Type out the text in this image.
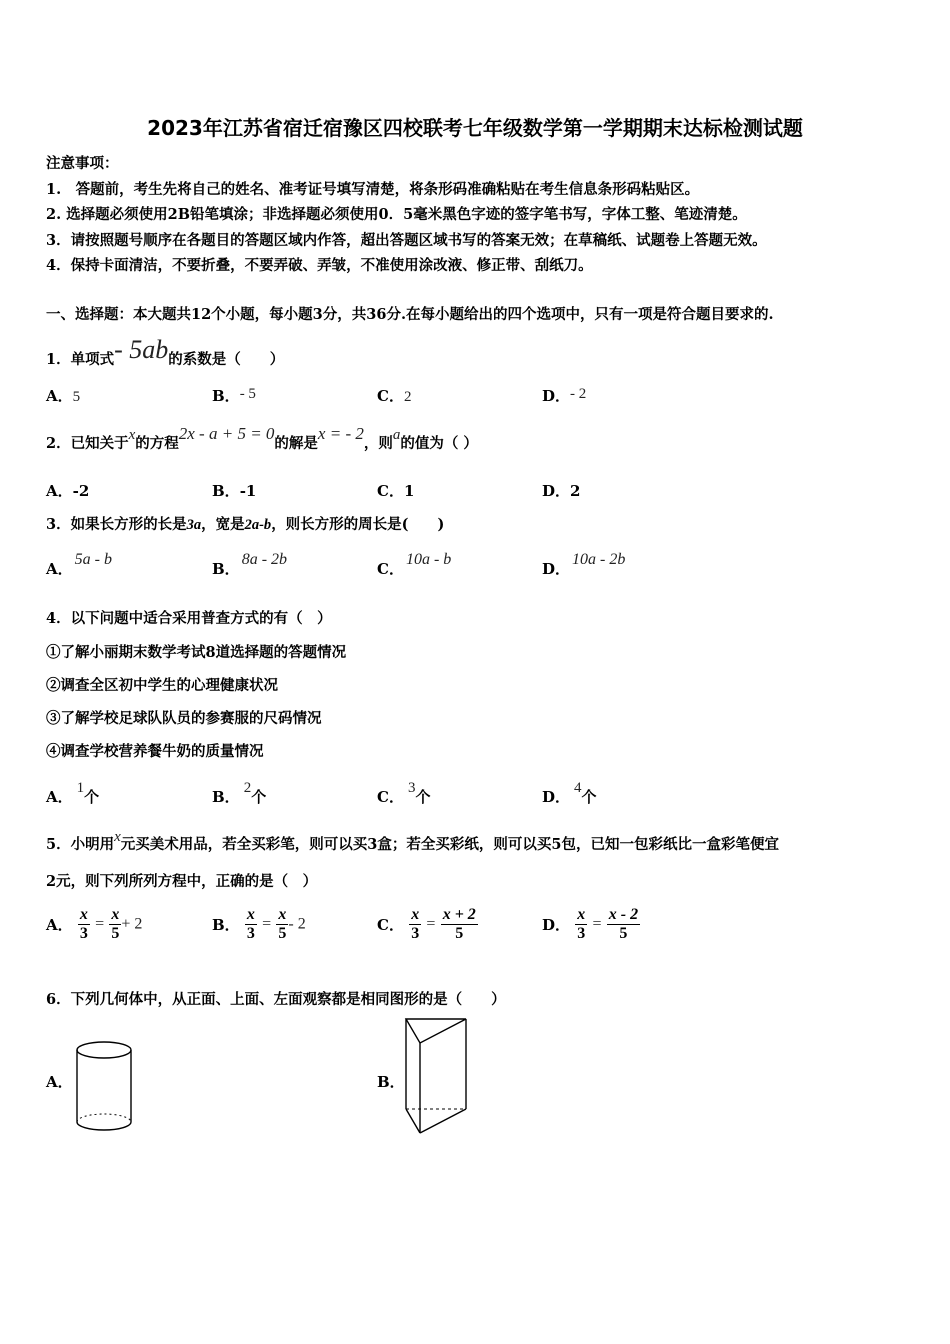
2023年江苏省宿迁宿豫区四校联考七年级数学第一学期期末达标检测试题
注意事项：
1.　答题前，考生先将自己的姓名、准考证号填写清楚，将条形码准确粘贴在考生信息条形码粘贴区。
2. 选择题必须使用2B铅笔填涂；非选择题必须使用0．5毫米黑色字迹的签字笔书写，字体工整、笔迹清楚。
3．请按照题号顺序在各题目的答题区域内作答，超出答题区域书写的答案无效；在草稿纸、试题卷上答题无效。
4．保持卡面清洁，不要折叠，不要弄破、弄皱，不准使用涂改液、修正带、刮纸刀。
一、选择题：本大题共12个小题，每小题3分，共36分.在每小题给出的四个选项中，只有一项是符合题目要求的.
1．单项式- 5ab的系数是（　　）
A．5	B．- 5	C．2	D．- 2
2．已知关于x的方程2x - a + 5 = 0的解是x = - 2，则a的值为（ ）
A．-2	B．-1	C．1	D．2
3．如果长方形的长是3a，宽是2a-b，则长方形的周长是(　　)
A．5a - b
B．8a - 2b
C．10a - b
D．10a - 2b
4．以下问题中适合采用普查方式的有（　）
①了解小丽期末数学考试8道选择题的答题情况
②调查全区初中学生的心理健康状况
③了解学校足球队队员的参赛服的尺码情况
④调查学校营养餐牛奶的质量情况
A． 1个	B． 2个	C． 3个	D． 4个
5．小明用x元买美术用品，若全买彩笔，则可以买3盒；若全买彩纸，则可以买5包，已知一包彩纸比一盒彩笔便宜
2元，则下列所列方程中，正确的是（　）
A． $\frac{x}{3} = \frac{x}{5} + 2$	B． $\frac{x}{3} = \frac{x}{5} - 2$	C． $\frac{x}{3} = \frac{x + 2}{5}$	D． $\frac{x}{3} = \frac{x - 2}{5}$
6．下列几何体中，从正面、上面、左面观察都是相同图形的是（　　）
A．	B．
